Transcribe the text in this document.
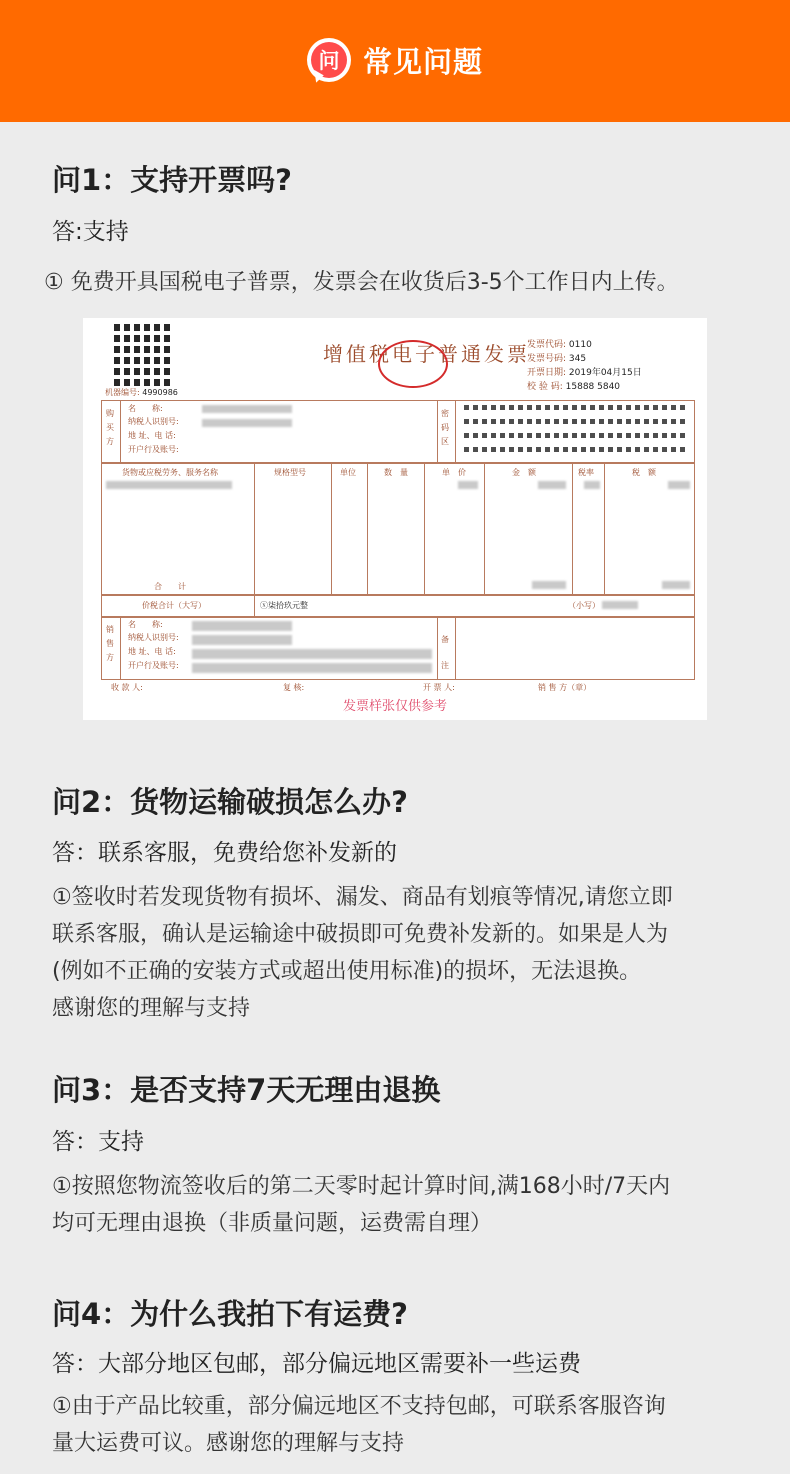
问 常见问题

问1：支持开票吗?

答:支持

① 免费开具国税电子普票，发票会在收货后3-5个工作日内上传。

增值税电子普通发票
发票代码: 0110
发票号码: 345
开票日期: 2019年04月15日
校 验 码: 15888 5840
机器编号: 4990986
购买方
名　　称:
纳税人识别号:
地 址、电 话:
开户行及账号:
密码区
货物或应税劳务、服务名称	规格型号	单位	数　量	单　价	金　额	税率	税　额
合　　计
价税合计（大写）	ⓧ柒拾玖元整	（小写）
销售方
名　　称:
纳税人识别号:
地 址、电 话:
开户行及账号:
备注
收 款 人:	复 核:	开 票 人:	销 售 方（章）
发票样张仅供参考

问2：货物运输破损怎么办?

答：联系客服，免费给您补发新的

①签收时若发现货物有损坏、漏发、商品有划痕等情况,请您立即

联系客服，确认是运输途中破损即可免费补发新的。如果是人为

(例如不正确的安装方式或超出使用标准)的损坏，无法退换。

感谢您的理解与支持

问3：是否支持7天无理由退换

答：支持

①按照您物流签收后的第二天零时起计算时间,满168小时/7天内

均可无理由退换（非质量问题，运费需自理）

问4：为什么我拍下有运费?

答：大部分地区包邮，部分偏远地区需要补一些运费

①由于产品比较重，部分偏远地区不支持包邮，可联系客服咨询

量大运费可议。感谢您的理解与支持
